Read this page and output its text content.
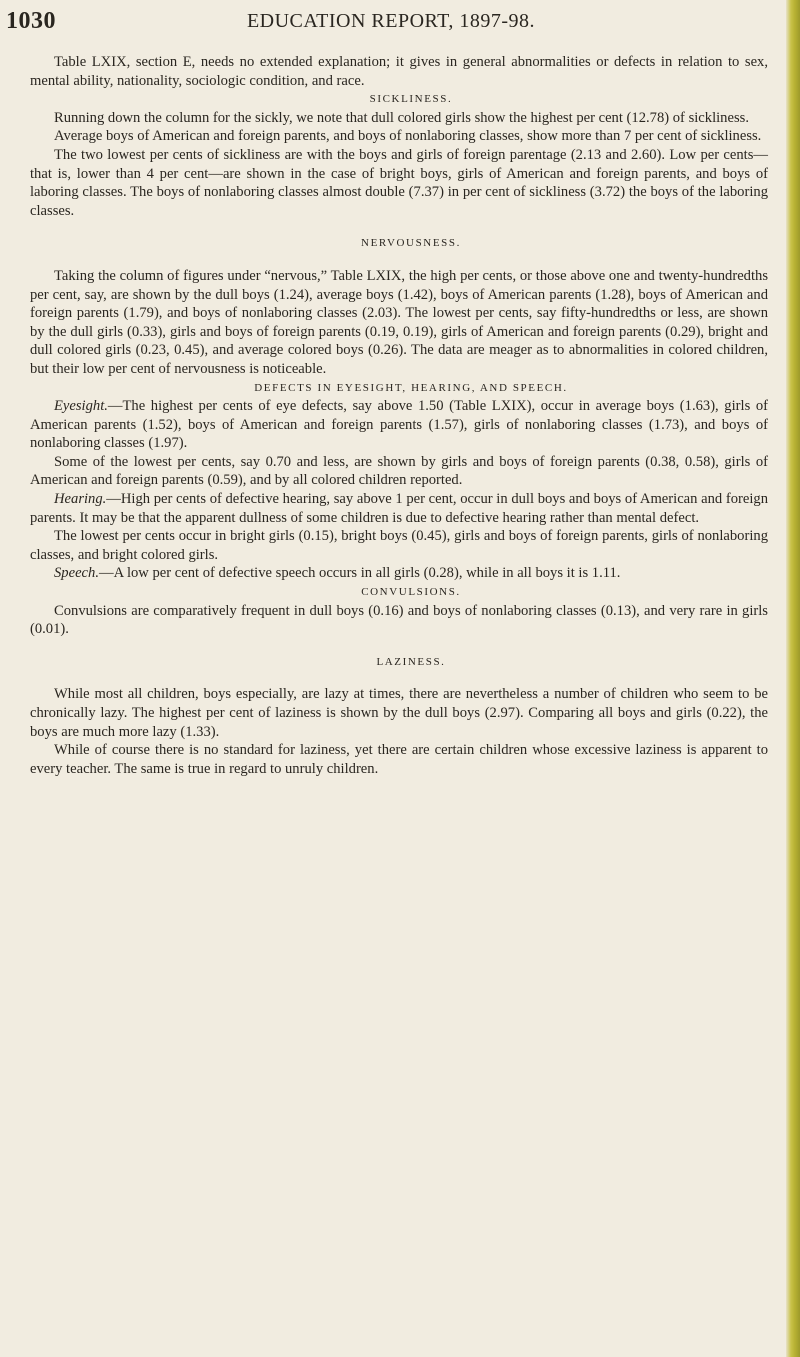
1030	EDUCATION REPORT, 1897-98.

Table LXIX, section E, needs no extended explanation; it gives in general abnormalities or defects in relation to sex, mental ability, nationality, sociologic condition, and race.

SICKLINESS.

Running down the column for the sickly, we note that dull colored girls show the highest per cent (12.78) of sickliness.

Average boys of American and foreign parents, and boys of nonlaboring classes, show more than 7 per cent of sickliness.

The two lowest per cents of sickliness are with the boys and girls of foreign parentage (2.13 and 2.60). Low per cents—that is, lower than 4 per cent—are shown in the case of bright boys, girls of American and foreign parents, and boys of laboring classes. The boys of nonlaboring classes almost double (7.37) in per cent of sickliness (3.72) the boys of the laboring classes.

NERVOUSNESS.

Taking the column of figures under “nervous,” Table LXIX, the high per cents, or those above one and twenty-hundredths per cent, say, are shown by the dull boys (1.24), average boys (1.42), boys of American parents (1.28), boys of American and foreign parents (1.79), and boys of nonlaboring classes (2.03). The lowest per cents, say fifty-hundredths or less, are shown by the dull girls (0.33), girls and boys of foreign parents (0.19, 0.19), girls of American and foreign parents (0.29), bright and dull colored girls (0.23, 0.45), and average colored boys (0.26). The data are meager as to abnormalities in colored children, but their low per cent of nervousness is noticeable.

DEFECTS IN EYESIGHT, HEARING, AND SPEECH.

Eyesight.—The highest per cents of eye defects, say above 1.50 (Table LXIX), occur in average boys (1.63), girls of American parents (1.52), boys of American and foreign parents (1.57), girls of nonlaboring classes (1.73), and boys of nonlaboring classes (1.97).

Some of the lowest per cents, say 0.70 and less, are shown by girls and boys of foreign parents (0.38, 0.58), girls of American and foreign parents (0.59), and by all colored children reported.

Hearing.—High per cents of defective hearing, say above 1 per cent, occur in dull boys and boys of American and foreign parents. It may be that the apparent dullness of some children is due to defective hearing rather than mental defect.

The lowest per cents occur in bright girls (0.15), bright boys (0.45), girls and boys of foreign parents, girls of nonlaboring classes, and bright colored girls.

Speech.—A low per cent of defective speech occurs in all girls (0.28), while in all boys it is 1.11.

CONVULSIONS.

Convulsions are comparatively frequent in dull boys (0.16) and boys of nonlaboring classes (0.13), and very rare in girls (0.01).

LAZINESS.

While most all children, boys especially, are lazy at times, there are nevertheless a number of children who seem to be chronically lazy. The highest per cent of laziness is shown by the dull boys (2.97). Comparing all boys and girls (0.22), the boys are much more lazy (1.33).

While of course there is no standard for laziness, yet there are certain children whose excessive laziness is apparent to every teacher. The same is true in regard to unruly children.
